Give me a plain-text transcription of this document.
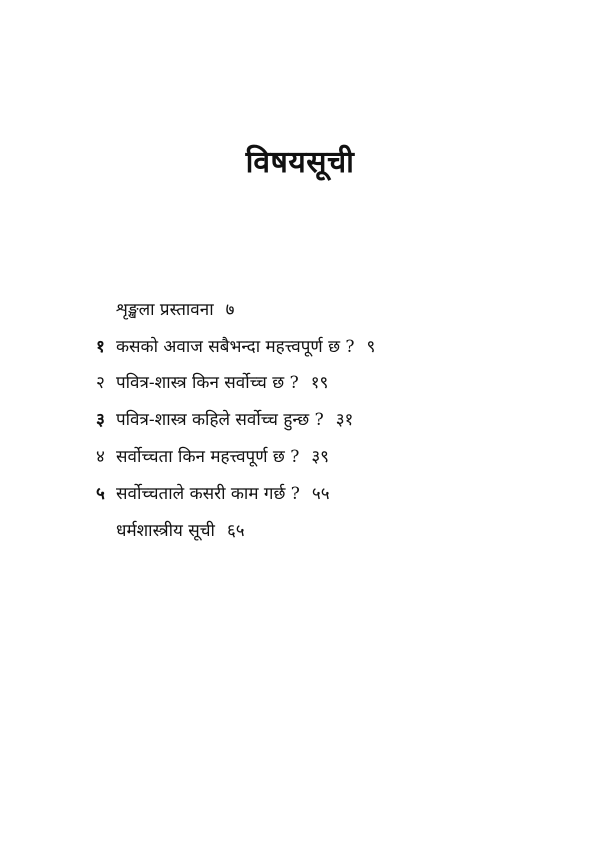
विषयसूची
शृङ्खला प्रस्तावना ७
१ कसको अवाज सबैभन्दा महत्त्वपूर्ण छ ? ९
२ पवित्र-शास्त्र किन सर्वोच्च छ ? १९
३ पवित्र-शास्त्र कहिले सर्वोच्च हुन्छ ? ३१
४ सर्वोच्चता किन महत्त्वपूर्ण छ ? ३९
५ सर्वोच्चताले कसरी काम गर्छ ? ५५
धर्मशास्त्रीय सूची ६५
